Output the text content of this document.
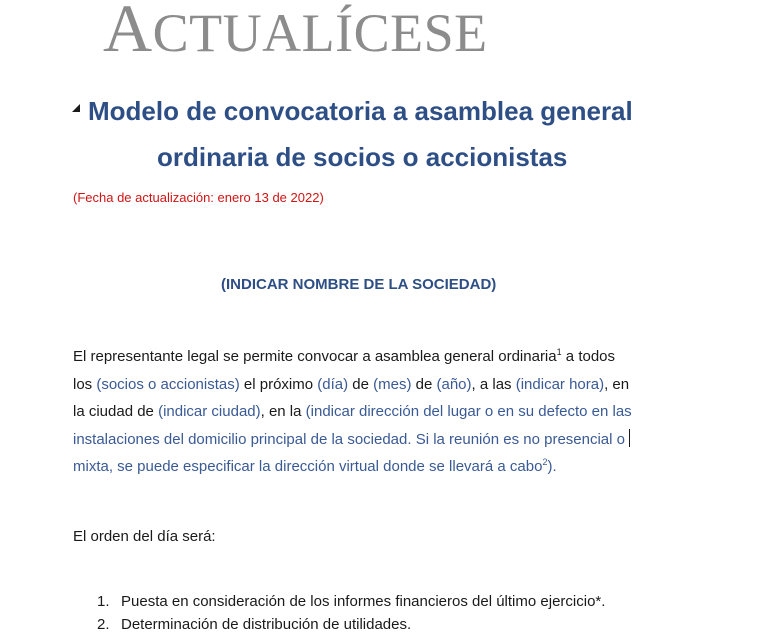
ACTUALÍCESE
Modelo de convocatoria a asamblea general
ordinaria de socios o accionistas
(Fecha de actualización: enero 13 de 2022)
(INDICAR NOMBRE DE LA SOCIEDAD)
El representante legal se permite convocar a asamblea general ordinaria$^1$ a todos
los (socios o accionistas) el próximo (día) de (mes) de (año), a las (indicar hora), en
la ciudad de (indicar ciudad), en la (indicar dirección del lugar o en su defecto en las
instalaciones del domicilio principal de la sociedad. Si la reunión es no presencial o
mixta, se puede especificar la dirección virtual donde se llevará a cabo$^2$).
El orden del día será:
1. Puesta en consideración de los informes financieros del último ejercicio*.
2. Determinación de distribución de utilidades.
